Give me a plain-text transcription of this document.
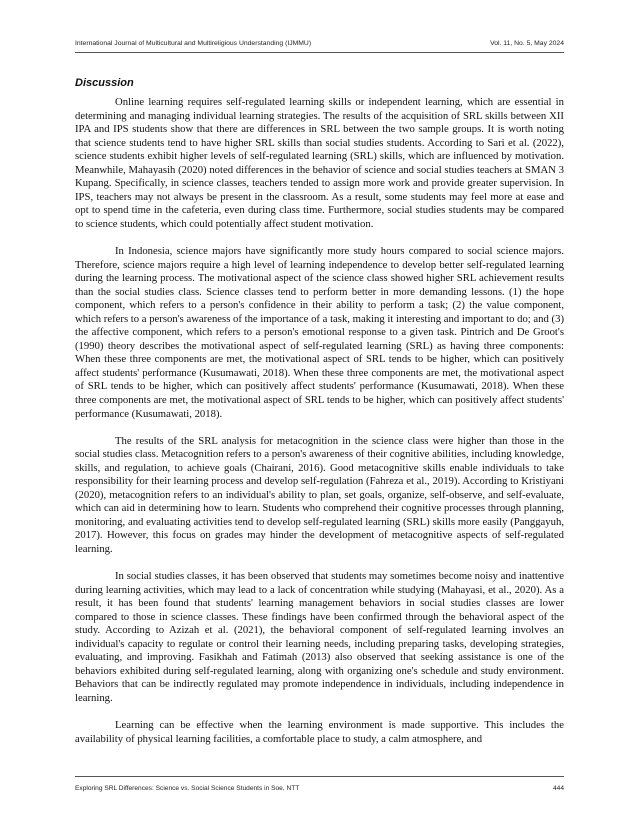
International Journal of Multicultural and Multireligious Understanding (IJMMU)	Vol. 11, No. 5, May 2024
Discussion

Online learning requires self-regulated learning skills or independent learning, which are essential in determining and managing individual learning strategies. The results of the acquisition of SRL skills between XII IPA and IPS students show that there are differences in SRL between the two sample groups. It is worth noting that science students tend to have higher SRL skills than social studies students. According to Sari et al. (2022), science students exhibit higher levels of self-regulated learning (SRL) skills, which are influenced by motivation. Meanwhile, Mahayasih (2020) noted differences in the behavior of science and social studies teachers at SMAN 3 Kupang. Specifically, in science classes, teachers tended to assign more work and provide greater supervision. In IPS, teachers may not always be present in the classroom. As a result, some students may feel more at ease and opt to spend time in the cafeteria, even during class time. Furthermore, social studies students may be compared to science students, which could potentially affect student motivation.

In Indonesia, science majors have significantly more study hours compared to social science majors. Therefore, science majors require a high level of learning independence to develop better self-regulated learning during the learning process. The motivational aspect of the science class showed higher SRL achievement results than the social studies class. Science classes tend to perform better in more demanding lessons. (1) the hope component, which refers to a person's confidence in their ability to perform a task; (2) the value component, which refers to a person's awareness of the importance of a task, making it interesting and important to do; and (3) the affective component, which refers to a person's emotional response to a given task. Pintrich and De Groot's (1990) theory describes the motivational aspect of self-regulated learning (SRL) as having three components: When these three components are met, the motivational aspect of SRL tends to be higher, which can positively affect students' performance (Kusumawati, 2018). When these three components are met, the motivational aspect of SRL tends to be higher, which can positively affect students' performance (Kusumawati, 2018). When these three components are met, the motivational aspect of SRL tends to be higher, which can positively affect students' performance (Kusumawati, 2018).

The results of the SRL analysis for metacognition in the science class were higher than those in the social studies class. Metacognition refers to a person's awareness of their cognitive abilities, including knowledge, skills, and regulation, to achieve goals (Chairani, 2016). Good metacognitive skills enable individuals to take responsibility for their learning process and develop self-regulation (Fahreza et al., 2019). According to Kristiyani (2020), metacognition refers to an individual's ability to plan, set goals, organize, self-observe, and self-evaluate, which can aid in determining how to learn. Students who comprehend their cognitive processes through planning, monitoring, and evaluating activities tend to develop self-regulated learning (SRL) skills more easily (Panggayuh, 2017). However, this focus on grades may hinder the development of metacognitive aspects of self-regulated learning.

In social studies classes, it has been observed that students may sometimes become noisy and inattentive during learning activities, which may lead to a lack of concentration while studying (Mahayasi, et al., 2020). As a result, it has been found that students' learning management behaviors in social studies classes are lower compared to those in science classes. These findings have been confirmed through the behavioral aspect of the study. According to Azizah et al. (2021), the behavioral component of self-regulated learning involves an individual's capacity to regulate or control their learning needs, including preparing tasks, developing strategies, evaluating, and improving. Fasikhah and Fatimah (2013) also observed that seeking assistance is one of the behaviors exhibited during self-regulated learning, along with organizing one's schedule and study environment. Behaviors that can be indirectly regulated may promote independence in individuals, including independence in learning.

Learning can be effective when the learning environment is made supportive. This includes the availability of physical learning facilities, a comfortable place to study, a calm atmosphere, and

Exploring SRL Differences: Science vs. Social Science Students in Soe, NTT	444
